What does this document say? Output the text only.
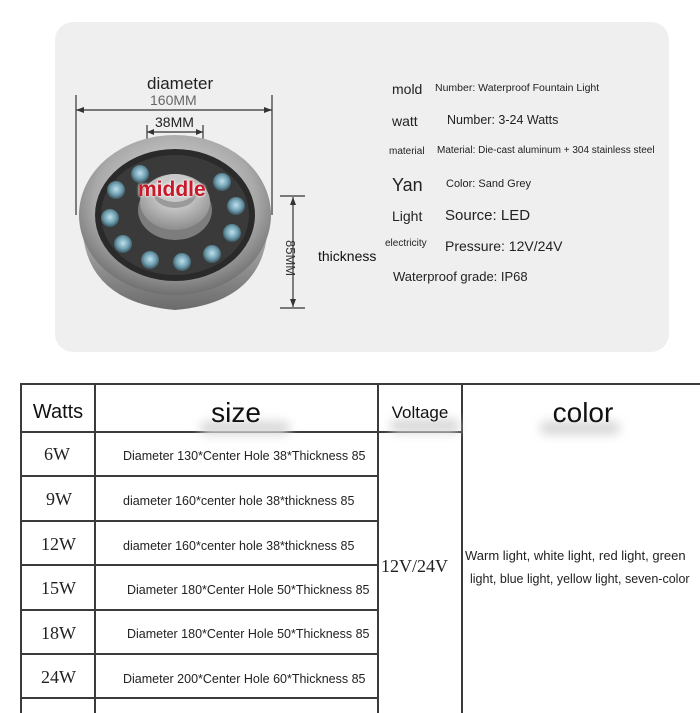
diameter
160MM
38MM
middle
85MM thickness
mold Number: Waterproof Fountain Light
watt Number: 3-24 Watts
material Material: Die-cast aluminum + 304 stainless steel
Yan Color: Sand Grey
Light Source: LED
electricity Pressure: 12V/24V
Waterproof grade: IP68
Watts	size	Voltage	color
6W	Diameter 130*Center Hole 38*Thickness 85
9W	diameter 160*center hole 38*thickness 85
12W	diameter 160*center hole 38*thickness 85
15W	Diameter 180*Center Hole 50*Thickness 85
18W	Diameter 180*Center Hole 50*Thickness 85
24W	Diameter 200*Center Hole 60*Thickness 85
12V/24V
Warm light, white light, red light, green
light, blue light, yellow light, seven-color
